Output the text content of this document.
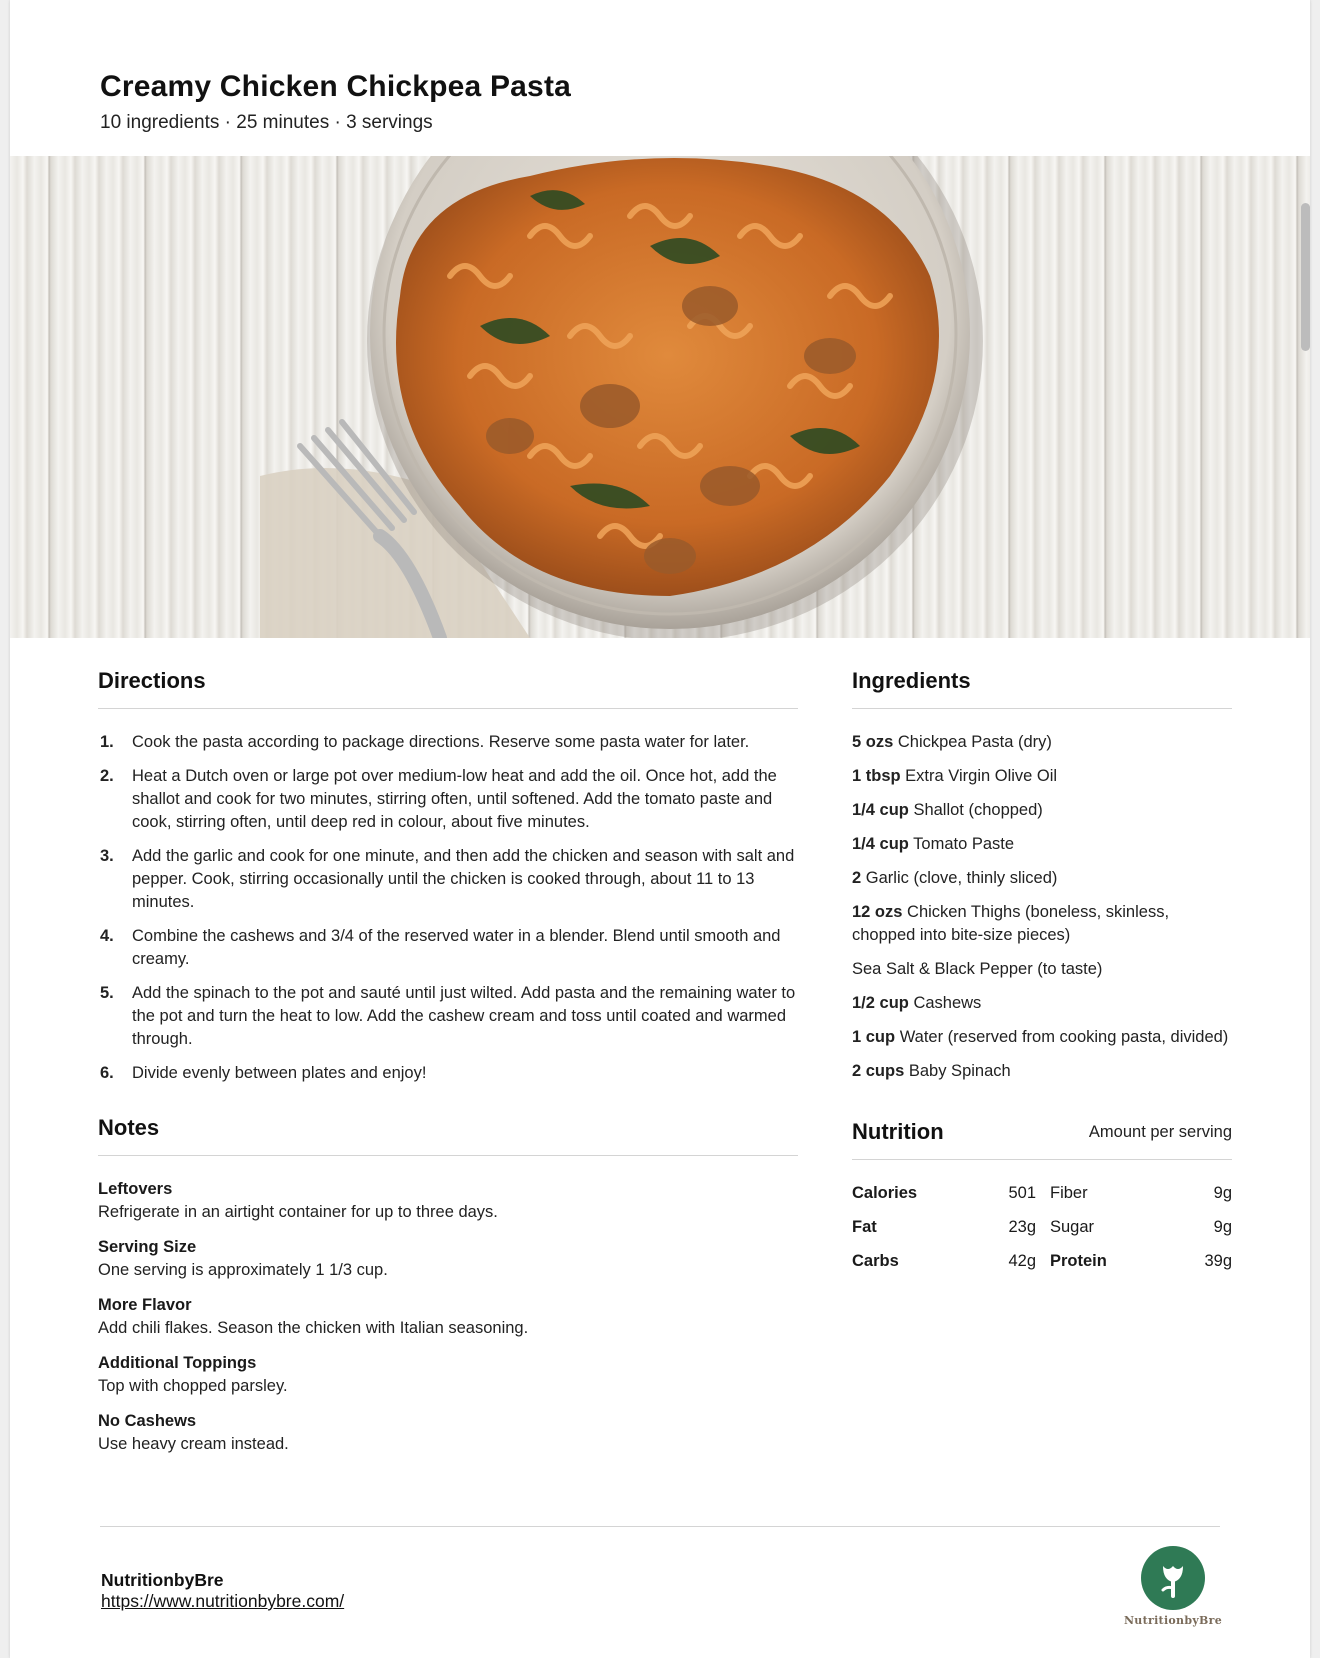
Creamy Chicken Chickpea Pasta
10 ingredients · 25 minutes · 3 servings
Directions
1. Cook the pasta according to package directions. Reserve some pasta water for later.
2. Heat a Dutch oven or large pot over medium-low heat and add the oil. Once hot, add the shallot and cook for two minutes, stirring often, until softened. Add the tomato paste and cook, stirring often, until deep red in colour, about five minutes.
3. Add the garlic and cook for one minute, and then add the chicken and season with salt and pepper. Cook, stirring occasionally until the chicken is cooked through, about 11 to 13 minutes.
4. Combine the cashews and 3/4 of the reserved water in a blender. Blend until smooth and creamy.
5. Add the spinach to the pot and sauté until just wilted. Add pasta and the remaining water to the pot and turn the heat to low. Add the cashew cream and toss until coated and warmed through.
6. Divide evenly between plates and enjoy!
Notes
Leftovers
Refrigerate in an airtight container for up to three days.
Serving Size
One serving is approximately 1 1/3 cup.
More Flavor
Add chili flakes. Season the chicken with Italian seasoning.
Additional Toppings
Top with chopped parsley.
No Cashews
Use heavy cream instead.
Ingredients
5 ozs Chickpea Pasta (dry)
1 tbsp Extra Virgin Olive Oil
1/4 cup Shallot (chopped)
1/4 cup Tomato Paste
2 Garlic (clove, thinly sliced)
12 ozs Chicken Thighs (boneless, skinless, chopped into bite-size pieces)
Sea Salt & Black Pepper (to taste)
1/2 cup Cashews
1 cup Water (reserved from cooking pasta, divided)
2 cups Baby Spinach
Nutrition	Amount per serving
Calories	501 Fiber	9g
Fat	23g Sugar	9g
Carbs	42g Protein	39g
NutritionbyBre
https://www.nutritionbybre.com/
NutritionbyBre
